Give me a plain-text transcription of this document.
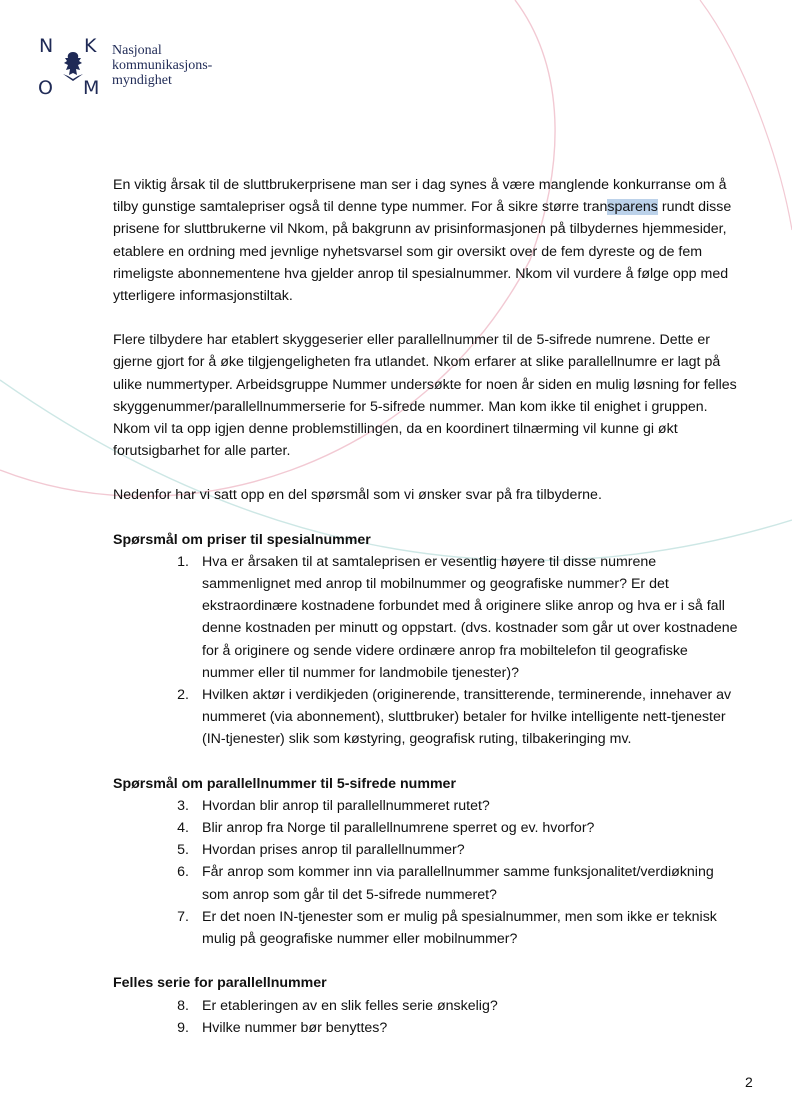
N K
O M
Nasjonal
kommunikasjons-
myndighet

En viktig årsak til de sluttbrukerprisene man ser i dag synes å være manglende konkurranse om å tilby gunstige samtalepriser også til denne type nummer. For å sikre større transparens rundt disse prisene for sluttbrukerne vil Nkom, på bakgrunn av prisinformasjonen på tilbydernes hjemmesider, etablere en ordning med jevnlige nyhetsvarsel som gir oversikt over de fem dyreste og de fem rimeligste abonnementene hva gjelder anrop til spesialnummer. Nkom vil vurdere å følge opp med ytterligere informasjonstiltak.

Flere tilbydere har etablert skyggeserier eller parallellnummer til de 5-sifrede numrene. Dette er gjerne gjort for å øke tilgjengeligheten fra utlandet. Nkom erfarer at slike parallellnumre er lagt på ulike nummertyper. Arbeidsgruppe Nummer undersøkte for noen år siden en mulig løsning for felles skyggenummer/parallellnummerserie for 5-sifrede nummer. Man kom ikke til enighet i gruppen. Nkom vil ta opp igjen denne problemstillingen, da en koordinert tilnærming vil kunne gi økt forutsigbarhet for alle parter.

Nedenfor har vi satt opp en del spørsmål som vi ønsker svar på fra tilbyderne.

Spørsmål om priser til spesialnummer
1. Hva er årsaken til at samtaleprisen er vesentlig høyere til disse numrene sammenlignet med anrop til mobilnummer og geografiske nummer? Er det ekstraordinære kostnadene forbundet med å originere slike anrop og hva er i så fall denne kostnaden per minutt og oppstart. (dvs. kostnader som går ut over kostnadene for å originere og sende videre ordinære anrop fra mobiltelefon til geografiske nummer eller til nummer for landmobile tjenester)?
2. Hvilken aktør i verdikjeden (originerende, transitterende, terminerende, innehaver av nummeret (via abonnement), sluttbruker) betaler for hvilke intelligente nett-tjenester (IN-tjenester) slik som køstyring, geografisk ruting, tilbakeringing mv.
Spørsmål om parallellnummer til 5-sifrede nummer
3. Hvordan blir anrop til parallellnummeret rutet?
4. Blir anrop fra Norge til parallellnumrene sperret og ev. hvorfor?
5. Hvordan prises anrop til parallellnummer?
6. Får anrop som kommer inn via parallellnummer samme funksjonalitet/verdiøkning som anrop som går til det 5-sifrede nummeret?
7. Er det noen IN-tjenester som er mulig på spesialnummer, men som ikke er teknisk mulig på geografiske nummer eller mobilnummer?
Felles serie for parallellnummer
8. Er etableringen av en slik felles serie ønskelig?
9. Hvilke nummer bør benyttes?
2
